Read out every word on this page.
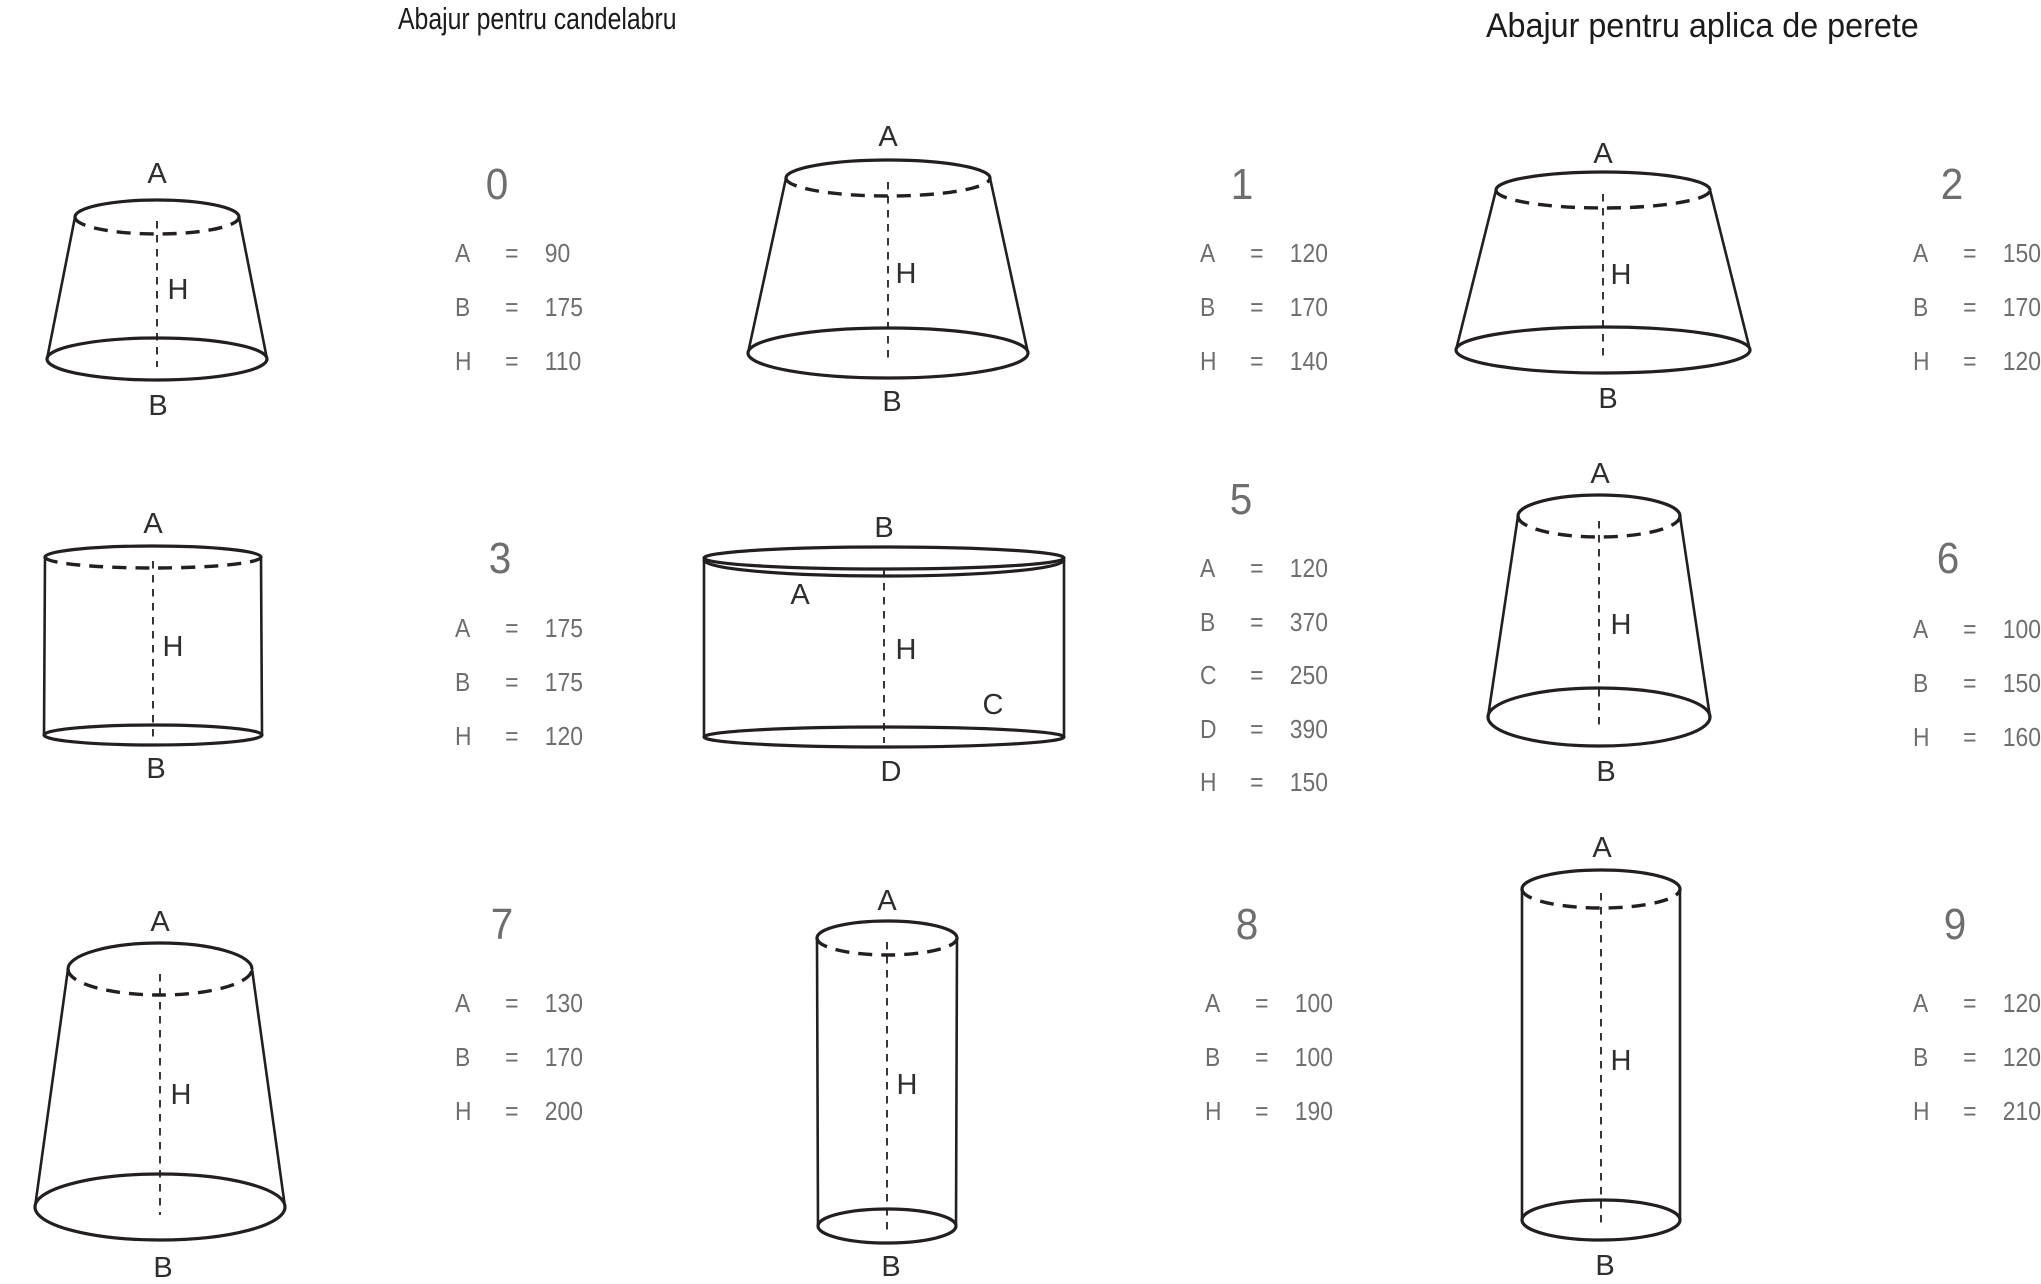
Abajur pentru candelabru	Abajur pentru aplica de perete
A
H
B
A
H
B
A
H
B
A
H
B
B
A
H
C
D
A
H
B
A
H
B
A
H
B
A
H
B
0
A	=	90
B	=	175
H	=	110
1
A	=	120
B	=	170
H	=	140
2
A	=	150
B	=	170
H	=	120
3
A	=	175
B	=	175
H	=	120
5
A	=	120
B	=	370
C	=	250
D	=	390
H	=	150
6
A	=	100
B	=	150
H	=	160
7
A	=	130
B	=	170
H	=	200
8
A	=	100
B	=	100
H	=	190
9
A	=	120
B	=	120
H	=	210
